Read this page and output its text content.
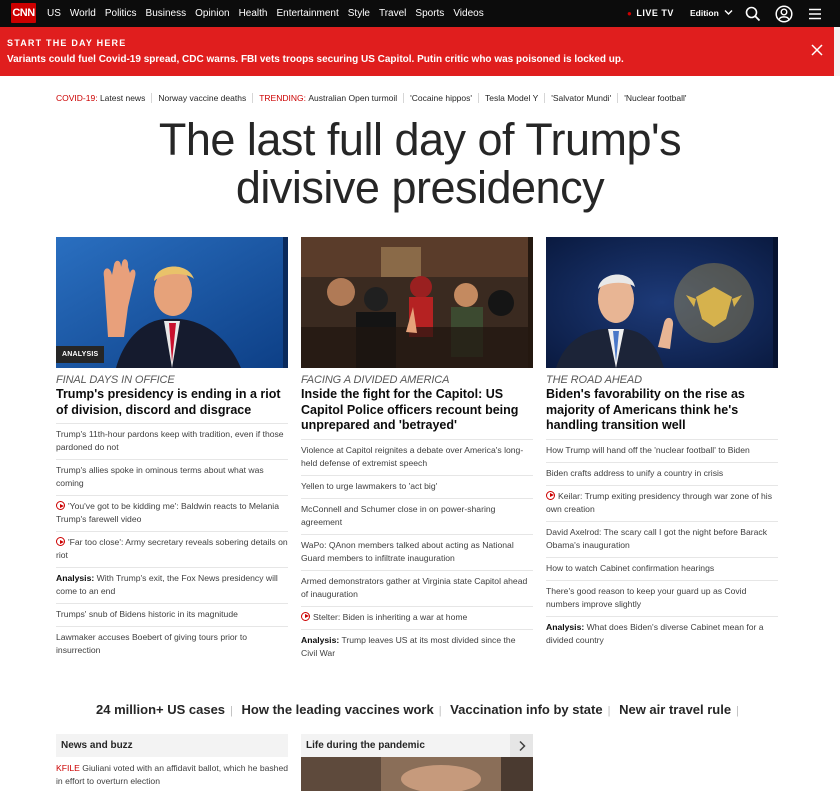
CNN US World Politics Business Opinion Health Entertainment Style Travel Sports Videos	● LIVE TV Edition
START THE DAY HERE
Variants could fuel Covid-19 spread, CDC warns. FBI vets troops securing US Capitol. Putin critic who was poisoned is locked up.
COVID-19:
Latest news Norway vaccine deaths TRENDING:
Australian Open turmoil 'Cocaine hippos' Tesla Model Y 'Salvator Mundi' 'Nuclear football'
The last full day of Trump's divisive presidency
ANALYSIS
FINAL DAYS IN OFFICE
Trump's presidency is ending in a riot of division, discord and disgrace
Trump's 11th-hour pardons keep with tradition, even if those pardoned do not
Trump's allies spoke in ominous terms about what was coming
'You've got to be kidding me': Baldwin reacts to Melania Trump's farewell video
'Far too close': Army secretary reveals sobering details on riot
Analysis: With Trump's exit, the Fox News presidency will come to an end
Trumps' snub of Bidens historic in its magnitude
Lawmaker accuses Boebert of giving tours prior to insurrection
FACING A DIVIDED AMERICA
Inside the fight for the Capitol: US Capitol Police officers recount being unprepared and 'betrayed'
Violence at Capitol reignites a debate over America's long-held defense of extremist speech
Yellen to urge lawmakers to 'act big'
McConnell and Schumer close in on power-sharing agreement
WaPo: QAnon members talked about acting as National Guard members to infiltrate inauguration
Armed demonstrators gather at Virginia state Capitol ahead of inauguration
Stelter: Biden is inheriting a war at home
Analysis: Trump leaves US at its most divided since the Civil War
THE ROAD AHEAD
Biden's favorability on the rise as majority of Americans think he's handling transition well
How Trump will hand off the 'nuclear football' to Biden
Biden crafts address to unify a country in crisis
Keilar: Trump exiting presidency through war zone of his own creation
David Axelrod: The scary call I got the night before Barack Obama's inauguration
How to watch Cabinet confirmation hearings
There's good reason to keep your guard up as Covid numbers improve slightly
Analysis: What does Biden's diverse Cabinet mean for a divided country
24 million+ US cases | How the leading vaccines work | Vaccination info by state | New air travel rule |
News and buzz	Life during the pandemic
KFILE Giuliani voted with an affidavit ballot, which he bashed in effort to overturn election
